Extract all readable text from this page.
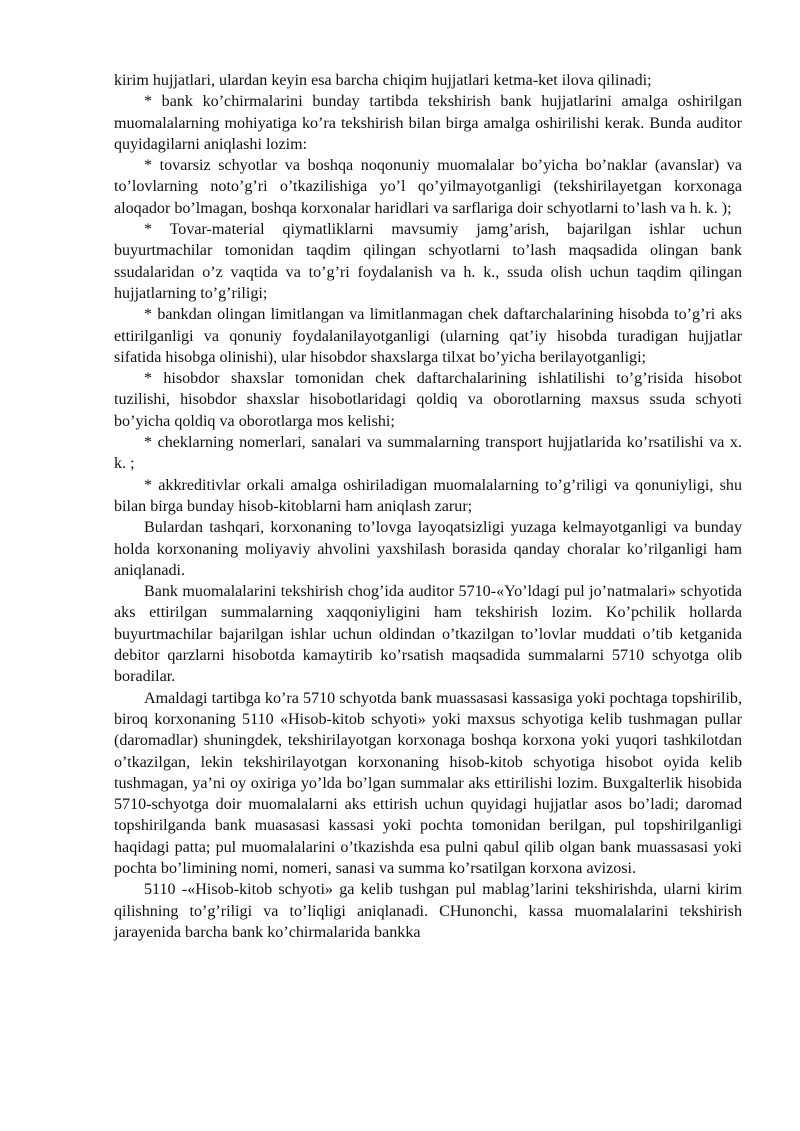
kirim hujjatlari, ulardan keyin esa barcha chiqim hujjatlari ketma-ket ilova qilinadi;

* bank ko’chirmalarini bunday tartibda tekshirish bank hujjatlarini amalga oshirilgan muomalalarning mohiyatiga ko’ra tekshirish bilan birga amalga oshirilishi kerak. Bunda auditor quyidagilarni aniqlashi lozim:

* tovarsiz schyotlar va boshqa noqonuniy muomalalar bo’yicha bo’naklar (avanslar) va to’lovlarning noto’g’ri o’tkazilishiga yo’l qo’yilmayotganligi (tekshirilayetgan korxonaga aloqador bo’lmagan, boshqa korxonalar haridlari va sarflariga doir schyotlarni to’lash va h. k. );

* Tovar-material qiymatliklarni mavsumiy jamg’arish, bajarilgan ishlar uchun buyurtmachilar tomonidan taqdim qilingan schyotlarni to’lash maqsadida olingan bank ssudalaridan o’z vaqtida va to’g’ri foydalanish va h. k., ssuda olish uchun taqdim qilingan hujjatlarning to’g’riligi;

* bankdan olingan limitlangan va limitlanmagan chek daftarchalarining hisobda to’g’ri aks ettirilganligi va qonuniy foydalanilayotganligi (ularning qat’iy hisobda turadigan hujjatlar sifatida hisobga olinishi), ular hisobdor shaxslarga tilxat bo’yicha berilayotganligi;

* hisobdor shaxslar tomonidan chek daftarchalarining ishlatilishi to’g’risida hisobot tuzilishi, hisobdor shaxslar hisobotlaridagi qoldiq va oborotlarning maxsus ssuda schyoti bo’yicha qoldiq va oborotlarga mos kelishi;

* cheklarning nomerlari, sanalari va summalarning transport hujjatlarida ko’rsatilishi va x. k. ;

* akkreditivlar orkali amalga oshiriladigan muomalalarning to’g’riligi va qonuniyligi, shu bilan birga bunday hisob-kitoblarni ham aniqlash zarur;

Bulardan tashqari, korxonaning to’lovga layoqatsizligi yuzaga kelmayotganligi va bunday holda korxonaning moliyaviy ahvolini yaxshilash borasida qanday choralar ko’rilganligi ham aniqlanadi.

Bank muomalalarini tekshirish chog’ida auditor 5710-«Yo’ldagi pul jo’natmalari» schyotida aks ettirilgan summalarning xaqqoniyligini ham tekshirish lozim. Ko’pchilik hollarda buyurtmachilar bajarilgan ishlar uchun oldindan o’tkazilgan to’lovlar muddati o’tib ketganida debitor qarzlarni hisobotda kamaytirib ko’rsatish maqsadida summalarni 5710 schyotga olib boradilar.

Amaldagi tartibga ko’ra 5710 schyotda bank muassasasi kassasiga yoki pochtaga topshirilib, biroq korxonaning 5110 «Hisob-kitob schyoti» yoki maxsus schyotiga kelib tushmagan pullar (daromadlar) shuningdek, tekshirilayotgan korxonaga boshqa korxona yoki yuqori tashkilotdan o’tkazilgan, lekin tekshirilayotgan korxonaning hisob-kitob schyotiga hisobot oyida kelib tushmagan, ya’ni oy oxiriga yo’lda bo’lgan summalar aks ettirilishi lozim. Buxgalterlik hisobida 5710-schyotga doir muomalalarni aks ettirish uchun quyidagi hujjatlar asos bo’ladi; daromad topshirilganda bank muasasasi kassasi yoki pochta tomonidan berilgan, pul topshirilganligi haqidagi patta; pul muomalalarini o’tkazishda esa pulni qabul qilib olgan bank muassasasi yoki pochta bo’limining nomi, nomeri, sanasi va summa ko’rsatilgan korxona avizosi.

5110 -«Hisob-kitob schyoti» ga kelib tushgan pul mablag’larini tekshirishda, ularni kirim qilishning to’g’riligi va to’liqligi aniqlanadi. CHunonchi, kassa muomalalarini tekshirish jarayenida barcha bank ko’chirmalarida bankka
